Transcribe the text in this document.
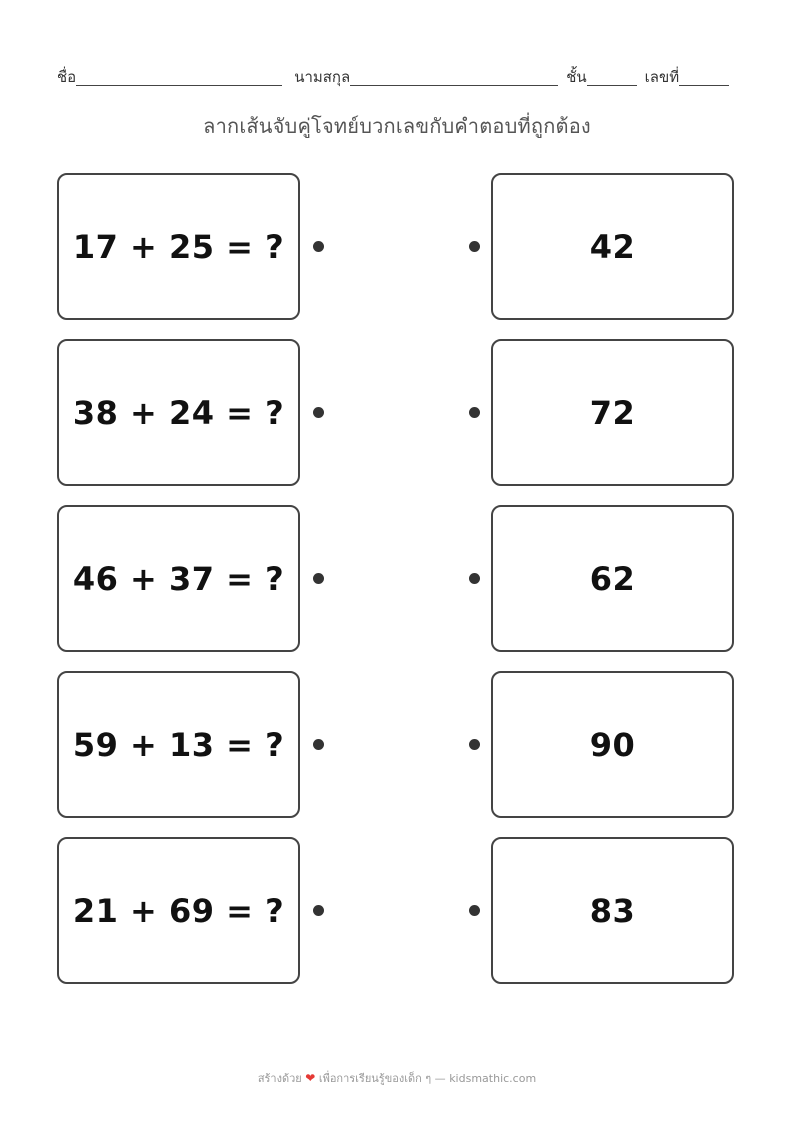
ชื่อ	นามสกุล	ชั้น	เลขที่
ลากเส้นจับคู่โจทย์บวกเลขกับคำตอบที่ถูกต้อง
17 + 25 = ?
38 + 24 = ?
46 + 37 = ?
59 + 13 = ?
21 + 69 = ?
42
72
62
90
83
สร้างด้วย ❤ เพื่อการเรียนรู้ของเด็ก ๆ — kidsmathic.com
